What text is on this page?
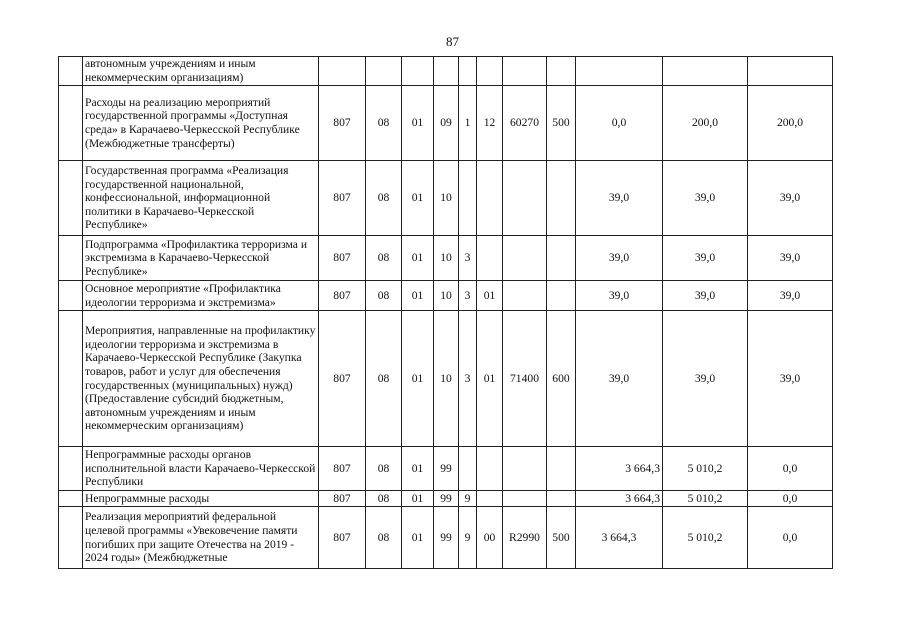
87
	автономным учреждениям и иным некоммерческим организациям)											
	Расходы на реализацию мероприятий государственной программы «Доступная среда» в Карачаево-Черкесской Республике (Межбюджетные трансферты)	807	08	01	09	1	12	60270	500	0,0	200,0	200,0
	Государственная программа «Реализация государственной национальной, конфессиональной, информационной политики в Карачаево-Черкесской Республике»	807	08	01	10					39,0	39,0	39,0
	Подпрограмма «Профилактика терроризма и экстремизма в Карачаево-Черкесской Республике»	807	08	01	10	3				39,0	39,0	39,0
	Основное мероприятие «Профилактика идеологии терроризма и экстремизма»	807	08	01	10	3	01			39,0	39,0	39,0
	Мероприятия, направленные на профилактику идеологии терроризма и экстремизма в Карачаево-Черкесской Республике (Закупка товаров, работ и услуг для обеспечения государственных (муниципальных) нужд) (Предоставление субсидий бюджетным, автономным учреждениям и иным некоммерческим организациям)	807	08	01	10	3	01	71400	600	39,0	39,0	39,0
	Непрограммные расходы органов исполнительной власти Карачаево-Черкесской Республики	807	08	01	99					3 664,3	5 010,2	0,0
	Непрограммные расходы	807	08	01	99	9				3 664,3	5 010,2	0,0
	Реализация мероприятий федеральной целевой программы «Увековечение памяти погибших при защите Отечества на 2019 - 2024 годы» (Межбюджетные	807	08	01	99	9	00	R2990	500	3 664,3	5 010,2	0,0
